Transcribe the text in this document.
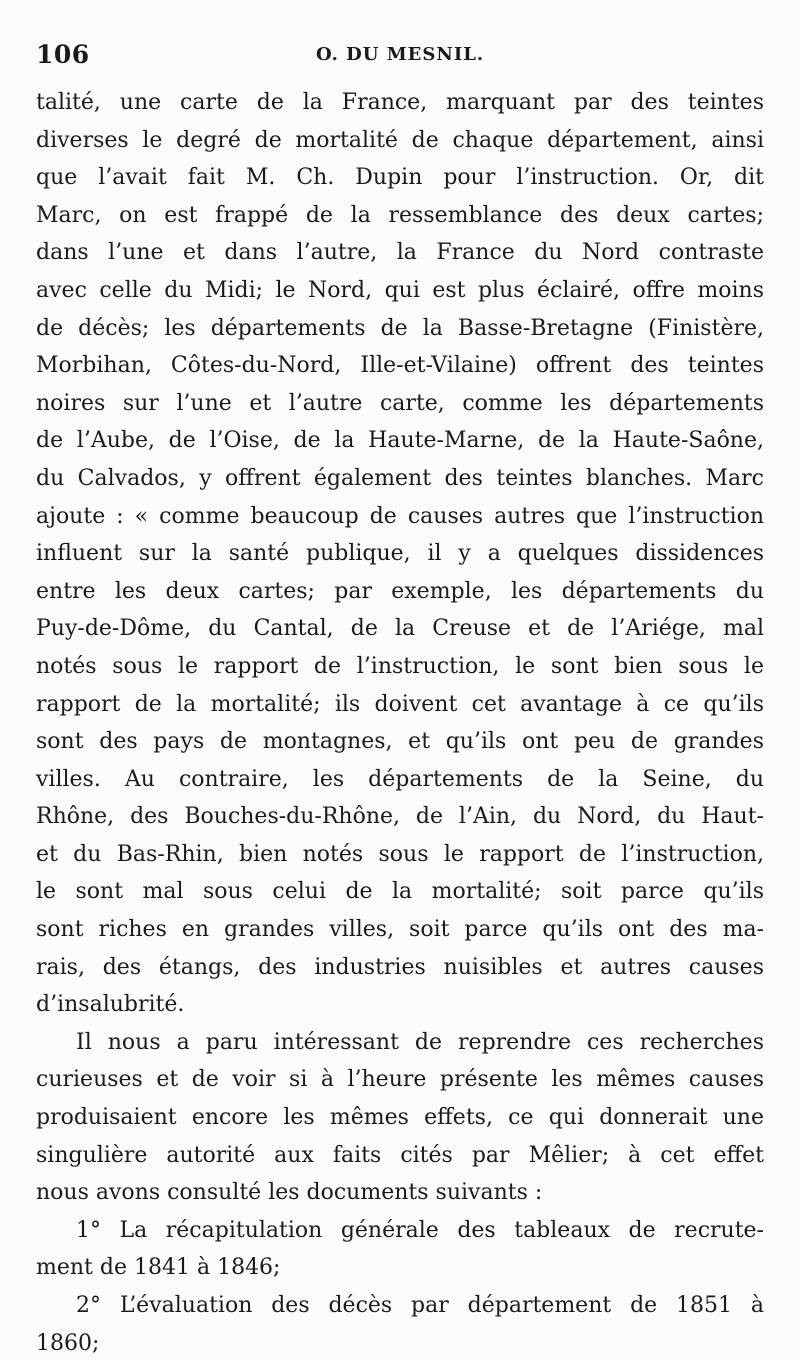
106	O. DU MESNIL.
talité, une carte de la France, marquant par des teintes
diverses le degré de mortalité de chaque département, ainsi
que l’avait fait M. Ch. Dupin pour l’instruction. Or, dit
Marc, on est frappé de la ressemblance des deux cartes;
dans l’une et dans l’autre, la France du Nord contraste
avec celle du Midi; le Nord, qui est plus éclairé, offre moins
de décès; les départements de la Basse-Bretagne (Finistère,
Morbihan, Côtes-du-Nord, Ille-et-Vilaine) offrent des teintes
noires sur l’une et l’autre carte, comme les départements
de l’Aube, de l’Oise, de la Haute-Marne, de la Haute-Saône,
du Calvados, y offrent également des teintes blanches. Marc
ajoute : « comme beaucoup de causes autres que l’instruction
influent sur la santé publique, il y a quelques dissidences
entre les deux cartes; par exemple, les départements du
Puy-de-Dôme, du Cantal, de la Creuse et de l’Ariége, mal
notés sous le rapport de l’instruction, le sont bien sous le
rapport de la mortalité; ils doivent cet avantage à ce qu’ils
sont des pays de montagnes, et qu’ils ont peu de grandes
villes. Au contraire, les départements de la Seine, du
Rhône, des Bouches-du-Rhône, de l’Ain, du Nord, du Haut-
et du Bas-Rhin, bien notés sous le rapport de l’instruction,
le sont mal sous celui de la mortalité; soit parce qu’ils
sont riches en grandes villes, soit parce qu’ils ont des ma-
rais, des étangs, des industries nuisibles et autres causes
d’insalubrité.
Il nous a paru intéressant de reprendre ces recherches
curieuses et de voir si à l’heure présente les mêmes causes
produisaient encore les mêmes effets, ce qui donnerait une
singulière autorité aux faits cités par Mêlier; à cet effet
nous avons consulté les documents suivants :
1° La récapitulation générale des tableaux de recrute-
ment de 1841 à 1846;
2° L’évaluation des décès par département de 1851 à
1860;
